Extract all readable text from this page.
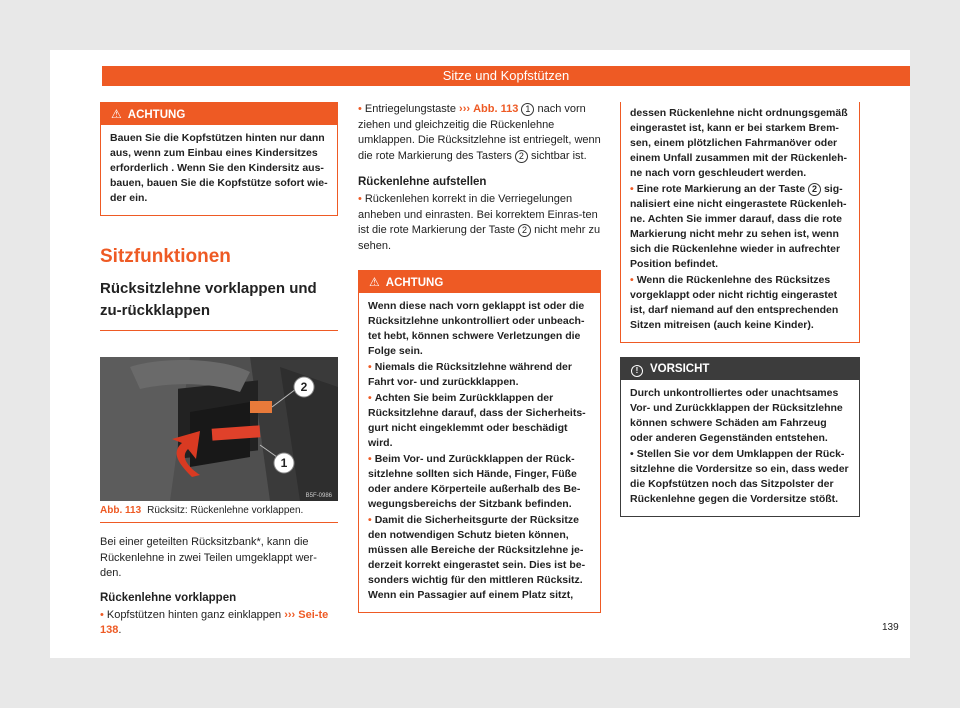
Sitze und Kopfstützen
⚠ ACHTUNG

Bauen Sie die Kopfstützen hinten nur dann aus, wenn zum Einbau eines Kindersitzes erforderlich . Wenn Sie den Kindersitz aus-bauen, bauen Sie die Kopfstütze sofort wie-der ein.

Sitzfunktionen
Rücksitzlehne vorklappen und zu-rückklappen
2
1
B5F-0986
Abb. 113 Rücksitz: Rückenlehne vorklappen.
Bei einer geteilten Rücksitzbank*, kann die Rückenlehne in zwei Teilen umgeklappt wer-den.
Rückenlehne vorklappen
• Kopfstützen hinten ganz einklappen ››› Sei-te 138.
• Entriegelungstaste ››› Abb. 113 1 nach vorn ziehen und gleichzeitig die Rückenlehne umklappen. Die Rücksitzlehne ist entriegelt, wenn die rote Markierung des Tasters 2 sichtbar ist.
Rückenlehne aufstellen
• Rückenlehen korrekt in die Verriegelungen anheben und einrasten. Bei korrektem Einras-ten ist die rote Markierung der Taste 2 nicht mehr zu sehen.
⚠ ACHTUNG

Wenn diese nach vorn geklappt ist oder die Rücksitzlehne unkontrolliert oder unbeach-tet hebt, können schwere Verletzungen die Folge sein.

• Niemals die Rücksitzlehne während der Fahrt vor- und zurückklappen.

• Achten Sie beim Zurückklappen der Rücksitzlehne darauf, dass der Sicherheits-gurt nicht eingeklemmt oder beschädigt wird.

• Beim Vor- und Zurückklappen der Rück-sitzlehne sollten sich Hände, Finger, Füße oder andere Körperteile außerhalb des Be-wegungsbereichs der Sitzbank befinden.

• Damit die Sicherheitsgurte der Rücksitze den notwendigen Schutz bieten können, müssen alle Bereiche der Rücksitzlehne je-derzeit korrekt eingerastet sein. Dies ist be-sonders wichtig für den mittleren Rücksitz. Wenn ein Passagier auf einem Platz sitzt,

dessen Rückenlehne nicht ordnungsgemäß eingerastet ist, kann er bei starkem Brem-sen, einem plötzlichen Fahrmanöver oder einem Unfall zusammen mit der Rückenleh-ne nach vorn geschleudert werden.

• Eine rote Markierung an der Taste 2 sig-nalisiert eine nicht eingerastete Rückenleh-ne. Achten Sie immer darauf, dass die rote Markierung nicht mehr zu sehen ist, wenn sich die Rückenlehne wieder in aufrechter Position befindet.

• Wenn die Rückenlehne des Rücksitzes vorgeklappt oder nicht richtig eingerastet ist, darf niemand auf den entsprechenden Sitzen mitreisen (auch keine Kinder).

! VORSICHT

Durch unkontrolliertes oder unachtsames Vor- und Zurückklappen der Rücksitzlehne können schwere Schäden am Fahrzeug oder anderen Gegenständen entstehen.

• Stellen Sie vor dem Umklappen der Rück-sitzlehne die Vordersitze so ein, dass weder die Kopfstützen noch das Sitzpolster der Rückenlehne gegen die Vordersitze stößt.

139
